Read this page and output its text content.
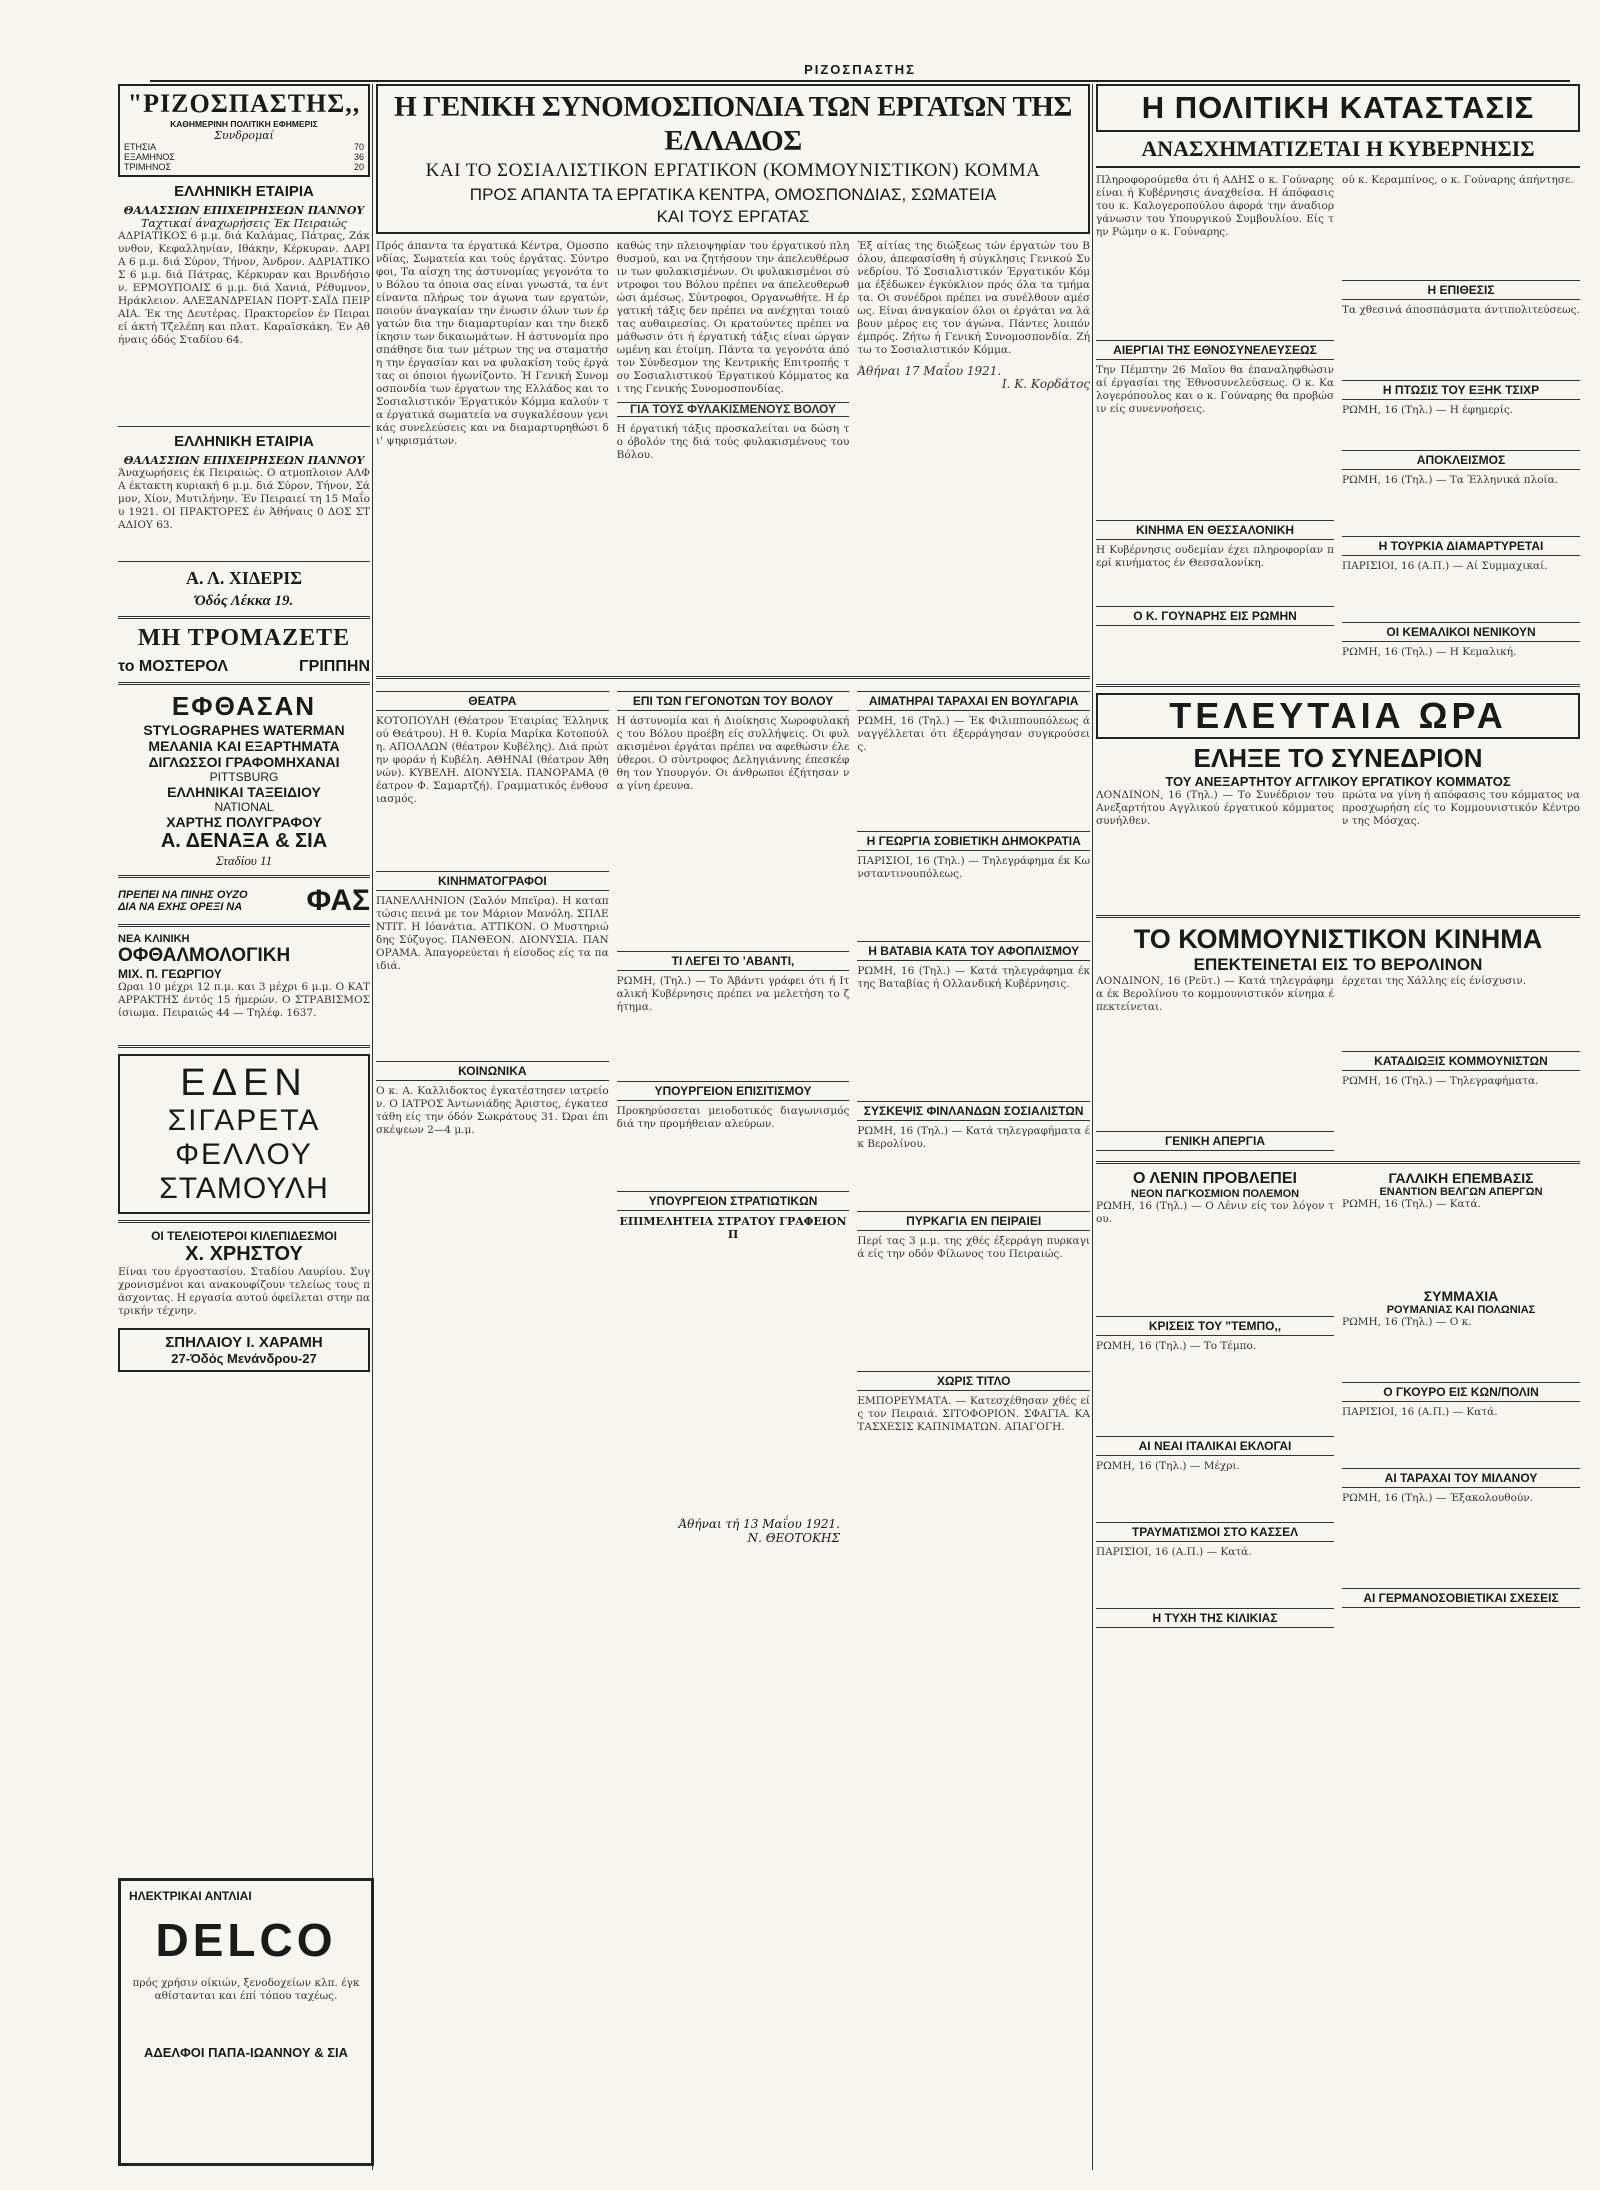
ΡΙΖΟΣΠΑΣΤΗΣ
"ΡΙΖΟΣΠΑΣΤΗΣ,,
ΚΑΘΗΜΕΡΙΝΗ ΠΟΛΙΤΙΚΗ ΕΦΗΜΕΡΙΣ
Συνδρομαί
ΕΤΗΣΙΑ	70
ΕΞΑΜΗΝΟΣ	36
ΤΡΙΜΗΝΟΣ	20
ΕΛΛΗΝΙΚΗ ΕΤΑΙΡΙΑ
ΘΑΛΑΣΣΙΩΝ ΕΠΙΧΕΙΡΗΣΕΩΝ ΠΑΝΝΟΥ
Ταχτικαί άναχωρήσεις Έκ Πειραιώς
ΑΔΡΙΑΤΙΚΟΣ 6 μ.μ. διά Καλάμας, Πάτρας, Ζάκυνθον, Κεφαλληνίαν, Ιθάκην, Κέρκυραν. ΔΑΡΙΑ 6 μ.μ. διά Σύρον, Τήνον, Άνδρον. ΑΔΡΙΑΤΙΚΟΣ 6 μ.μ. διά Πάτρας, Κέρκυραν και Βρινδήσιον. ΕΡΜΟΥΠΟΛΙΣ 6 μ.μ. διά Χανιά, Ρέθυμνον, Ηράκλειον. ΑΛΕΞΑΝΔΡΕΙΑΝ ΠΟΡΤ-ΣΑΪΔ ΠΕΙΡΑΙΑ. Έκ της Δευτέρας. Πρακτορείον έν Πειραιεί άκτή Τζελέπη και πλατ. Καραϊσκάκη. Έν Αθήναις όδός Σταδίου 64.
ΕΛΛΗΝΙΚΗ ΕΤΑΙΡΙΑ
ΘΑΛΑΣΣΙΩΝ ΕΠΙΧΕΙΡΗΣΕΩΝ ΠΑΝΝΟΥ
Άναχωρήσεις έκ Πειραιώς. Ο ατμοπλοιον ΑΛΦΑ έκτακτη κυριακή 6 μ.μ. διά Σύρον, Τήνον, Σάμον, Χίον, Μυτιλήνην. Έν Πειραιεί τη 15 Μαΐου 1921. ΟΙ ΠΡΑΚΤΟΡΕΣ έν Άθήναις 0 ΔΟΣ ΣΤΑΔΙΟΥ 63.
Α. Λ. ΧΙΔΕΡΙΣ
Όδός Λέκκα 19.
ΜΗ ΤΡΟΜΑΖΕΤΕ
το ΜΟΣΤΕΡΟΛ	ΓΡΙΠΠΗΝ
ΕΦΘΑΣΑΝ
STYLOGRAPHES WATERMAN
ΜΕΛΑΝΙΑ ΚΑΙ ΕΞΑΡΤΗΜΑΤΑ
ΔΙΓΛΩΣΣΟΙ ΓΡΑΦΟΜΗΧΑΝΑΙ
PITTSBURG
ΕΛΛΗΝΙΚΑΙ ΤΑΞΕΙΔΙΟΥ
NATIONAL
ΧΑΡΤΗΣ ΠΟΛΥΓΡΑΦΟΥ
Α. ΔΕΝΑΞΑ & ΣΙΑ
Σταδίου 11
ΠΡΕΠΕΙ ΝΑ ΠΙΝΗΣ ΟΥΖΟ
ΔΙΑ ΝΑ ΕΧΗΣ ΟΡΕΞΙ ΝΑ	ΦΑΣ
ΝΕΑ ΚΛΙΝΙΚΗ
ΟΦΘΑΛΜΟΛΟΓΙΚΗ
ΜΙΧ. Π. ΓΕΩΡΓΙΟΥ
Ωραι 10 μέχρι 12 π.μ. και 3 μέχρι 6 μ.μ. Ο ΚΑΤΑΡΡΑΚΤΗΣ έντός 15 ήμερών. Ο ΣΤΡΑΒΙΣΜΟΣ ίσιωμα. Πειραιώς 44 — Τηλέφ. 1637.
ΕΔΕΝ
ΣΙΓΑΡΕΤΑ
ΦΕΛΛΟΥ
ΣΤΑΜΟΥΛΗ
ΟΙ ΤΕΛΕΙΟΤΕΡΟΙ ΚΙΛΕΠΙΔΕΣΜΟΙ
Χ. ΧΡΗΣΤΟΥ
Είναι του έργοστασίου. Σταδίου Λαυρίου. Συγχρονισμένοι και ανακουφίζουν τελείως τους πάσχοντας. Η εργασία αυτού όφείλεται στην πατρικήν τέχνην.
ΣΠΗΛΑΙΟΥ Ι. ΧΑΡΑΜΗ
27-Όδός Μενάνδρου-27
ΗΛΕΚΤΡΙΚΑΙ ΑΝΤΛΙΑΙ
DELCO
πρός χρήσιν οίκιών, ξενοδοχείων κλπ. έγκαθίστανται και έπί τόπου ταχέως.
ΑΔΕΛΦΟΙ ΠΑΠΑ-ΙΩΑΝΝΟΥ & ΣΙΑ
Η ΓΕΝΙΚΗ ΣΥΝΟΜΟΣΠΟΝΔΙΑ ΤΩΝ ΕΡΓΑΤΩΝ ΤΗΣ ΕΛΛΑΔΟΣ
ΚΑΙ ΤΟ ΣΟΣΙΑΛΙΣΤΙΚΟΝ ΕΡΓΑΤΙΚΟΝ (ΚΟΜΜΟΥΝΙΣΤΙΚΟΝ) ΚΟΜΜΑ
ΠΡΟΣ ΑΠΑΝΤΑ ΤΑ ΕΡΓΑΤΙΚΑ ΚΕΝΤΡΑ, ΟΜΟΣΠΟΝΔΙΑΣ, ΣΩΜΑΤΕΙΑ
ΚΑΙ ΤΟΥΣ ΕΡΓΑΤΑΣ
Πρός άπαντα τα έργατικά Κέντρα, Ομοσπονδίας, Σωματεία και τούς έργάτας. Σύντροφοι, Τα αίσχη της άστυνομίας γεγονότα του Βόλου τα όποια σας είναι γνωστά, τα έντείναντα πλήρως τον άγωνα των εργατών, ποιούν άναγκαίαν την ένωσιν όλων των έργατών δια την διαμαρτυρίαν και την διεκδίκησιν των δικαιωμάτων. Η άστυνομία προσπάθησε δια των μέτρων της να σταματήση την έργασίαν και να φυλακίση τούς έργάτας οι όποιοι ήγωνίζοντο. Ή Γενική Συνομοσπονδία των έργατων της Ελλάδος και το Σοσιαλιστικόν Έργατικόν Κόμμα καλούν τα έργατικά σωματεία να συγκαλέσουν γενικάς συνελεύσεις και να διαμαρτυρηθώσι δι' ψηφισμάτων.
καθώς την πλειοψηφίαν του έργατικού πληθυσμού, και να ζητήσουν την άπελευθέρωσιν των φυλακισμένων. Οι φυλακισμένοι σύντροφοι του Βόλου πρέπει να άπελευθερωθώσι άμέσως. Σύντροφοι, Οργανωθήτε. Η έργατική τάξις δεν πρέπει να ανέχηται τοιαύτας αυθαιρεσίας. Οι κρατούντες πρέπει να μάθωσιν ότι ή έργατική τάξις είναι ώργανωμένη και έτοίμη. Πάντα τα γεγονότα άπό τον Σύνδεσμον της Κεντρικής Επιτροπής του Σοσιαλιστικού Έργατικού Κόμματος και της Γενικής Συνομοσπονδίας.
ΓΙΑ ΤΟΥΣ ΦΥΛΑΚΙΣΜΕΝΟΥΣ ΒΟΛΟΥ
Η έργατική τάξις προσκαλείται να δώση το όβολόν της διά τούς φυλακισμένους του Βόλου.
Έξ αίτίας της διώξεως τών έργατών του Βόλου, άπεφασίσθη ή σύγκλησις Γενικού Συνεδρίου. Τό Σοσιαλιστικόν Έργατικόν Κόμμα έξέδωκεν έγκύκλιον πρός όλα τα τμήματα. Οι συνέδροι πρέπει να συνέλθουν αμέσως. Είναι άναγκαίον όλοι οι έργάται να λάβουν μέρος εις τον άγώνα. Πάντες λοιπόν έμπρός. Ζήτω ή Γενική Συνομοσπονδία. Ζήτω το Σοσιαλιστικόν Κόμμα.
Άθήναι 17 Μαΐου 1921.
Ι. Κ. Κορδάτος
ΘΕΑΤΡΑ
ΚΟΤΟΠΟΥΛΗ (Θέατρον Έταιρίας Έλληνικού Θεάτρου). Η θ. Κυρία Μαρίκα Κοτοπούλη. ΑΠΟΛΛΩΝ (θέατρον Κυβέλης). Διά πρώτην φοράν ή Κυβέλη. ΑΘΗΝΑΙ (θέατρον Άθηνών). ΚΥΒΕΛΗ. ΔΙΟΝΥΣΙΑ. ΠΑΝΟΡΑΜΑ (θέατρον Φ. Σαμαρτζή). Γραμματικός ένθουσιασμός.
ΚΙΝΗΜΑΤΟΓΡΑΦΟΙ
ΠΑΝΕΛΛΗΝΙΟΝ (Σαλόν Μπεϊρα). Η καταπτώσις πεινά με τον Μάριον Μανόλη. ΣΠΛΕΝΤΙΤ. Η Ιόανάτια. ΑΤΤΙΚΟΝ. Ο Μυστηριώδης Σύζυγος. ΠΑΝΘΕΟΝ. ΔΙΟΝΥΣΙΑ. ΠΑΝΟΡΑΜΑ. Άπαγορεύεται ή είσοδος είς τα παιδιά.
ΚΟΙΝΩΝΙΚΑ
Ο κ. Α. Καλλιδοκτος έγκατέστησεν ιατρείον. Ο ΙΑΤΡΟΣ Άντωνιάδης Άριστος, έγκατεστάθη είς την όδόν Σωκράτους 31. Ώραι έπισκέψεων 2—4 μ.μ.
ΕΠΙ ΤΩΝ ΓΕΓΟΝΟΤΩΝ ΤΟΥ ΒΟΛΟΥ
Η άστυνομία και ή Διοίκησις Χωροφυλακής του Βόλου προέβη είς συλλήψεις. Οι φυλακισμένοι έργάται πρέπει να αφεθώσιν έλεύθεροι. Ο σύντροφος Δεληγιάννης έπεσκέφθη τον Υπουργόν. Οι άνθρωποι έζήτησαν να γίνη έρευνα.
ΤΙ ΛΕΓΕΙ ΤΟ 'ΑΒΑΝΤΙ,
ΡΩΜΗ, (Τηλ.) — Το Άβάντι γράφει ότι ή Ιταλική Κυβέρνησις πρέπει να μελετήση το ζήτημα.
ΥΠΟΥΡΓΕΙΟΝ ΕΠΙΣΙΤΙΣΜΟΥ
Προκηρύσσεται μειοδοτικός διαγωνισμός διά την προμήθειαν αλεύρων.
ΥΠΟΥΡΓΕΙΟΝ ΣΤΡΑΤΙΩΤΙΚΩΝ
ΕΠΙΜΕΛΗΤΕΙΑ ΣΤΡΑΤΟΥ ΓΡΑΦΕΙΟΝ Π
ΑΙΜΑΤΗΡΑΙ ΤΑΡΑΧΑΙ ΕΝ ΒΟΥΛΓΑΡΙΑ
ΡΩΜΗ, 16 (Τηλ.) — Έκ Φιλιππουπόλεως άναγγέλλεται ότι έξερράγησαν συγκρούσεις.
Η ΓΕΩΡΓΙΑ ΣΟΒΙΕΤΙΚΗ ΔΗΜΟΚΡΑΤΙΑ
ΠΑΡΙΣΙΟΙ, 16 (Τηλ.) — Τηλεγράφημα έκ Κωνσταντινουπόλεως.
Η ΒΑΤΑΒΙΑ ΚΑΤΑ ΤΟΥ ΑΦΟΠΛΙΣΜΟΥ
ΡΩΜΗ, 16 (Τηλ.) — Κατά τηλεγράφημα έκ της Βαταβίας ή Ολλανδική Κυβέρνησις.
ΣΥΣΚΕΨΙΣ ΦΙΝΛΑΝΔΩΝ ΣΟΣΙΑΛΙΣΤΩΝ
ΡΩΜΗ, 16 (Τηλ.) — Κατά τηλεγραφήματα έκ Βερολίνου.
ΠΥΡΚΑΓΙΑ ΕΝ ΠΕΙΡΑΙΕΙ
Περί τας 3 μ.μ. της χθές έξερράγη πυρκαγιά είς την οδόν Φίλωνος του Πειραιώς.
ΧΩΡΙΣ ΤΙΤΛΟ
ΕΜΠΟΡΕΥΜΑΤΑ. — Κατεσχέθησαν χθές είς τον Πειραιά. ΣΙΤΟΦΟΡΙΟΝ. ΣΦΑΓΙΑ. ΚΑΤΑΣΧΕΣΙΣ ΚΑΠΝΙΜΑΤΩΝ. ΑΠΑΓΟΓΗ.
Άθήναι τή 13 Μαΐου 1921.
Ν. ΘΕΟΤΟΚΗΣ
Η ΠΟΛΙΤΙΚΗ ΚΑΤΑΣΤΑΣΙΣ
ΑΝΑΣΧΗΜΑΤΙΖΕΤΑΙ Η ΚΥΒΕΡΝΗΣΙΣ
Πληροφορούμεθα ότι ή ΑΔΗΣ ο κ. Γούναρης είναι ή Κυβέρνησις άναχθείσα. Η άπόφασις του κ. Καλογεροπούλου άφορά την άναδιοργάνωσιν του Υπουργικού Συμβουλίου. Είς την Ρώμην ο κ. Γούναρης.
ΑΙΕΡΓΙΑΙ ΤΗΣ ΕΘΝΟΣΥΝΕΛΕΥΣΕΩΣ
Την Πέμπτην 26 Μαΐου θα έπαναληφθώσιν αί έργασίαι της Έθνοσυνελεύσεως. Ο κ. Καλογερόπουλος και ο κ. Γούναρης θα προβώσιν είς συνεννοήσεις.
ΚΙΝΗΜΑ ΕΝ ΘΕΣΣΑΛΟΝΙΚΗ
Η Κυβέρνησις ουδεμίαν έχει πληροφορίαν περί κινήματος έν Θεσσαλονίκη.
Ο Κ. ΓΟΥΝΑΡΗΣ ΕΙΣ ΡΩΜΗΝ
ού κ. Κεραμπίνος, ο κ. Γούναρης άπήντησε.
Η ΕΠΙΘΕΣΙΣ
Τα χθεσινά άποσπάσματα άντιπολιτεύσεως.
Η ΠΤΩΣΙΣ ΤΟΥ ΕΞΗΚ ΤΣΙΧΡ
ΡΩΜΗ, 16 (Τηλ.) — Η έφημερίς.
ΑΠΟΚΛΕΙΣΜΟΣ
ΡΩΜΗ, 16 (Τηλ.) — Τα Έλληνικά πλοία.
Η ΤΟΥΡΚΙΑ ΔΙΑΜΑΡΤΥΡΕΤΑΙ
ΠΑΡΙΣΙΟΙ, 16 (Α.Π.) — Αί Συμμαχικαί.
ΟΙ ΚΕΜΑΛΙΚΟΙ ΝΕΝΙΚΟΥΝ
ΡΩΜΗ, 16 (Τηλ.) — Η Κεμαλική.
ΤΕΛΕΥΤΑΙΑ ΩΡΑ
ΕΛΗΞΕ ΤΟ ΣΥΝΕΔΡΙΟΝ
ΤΟΥ ΑΝΕΞΑΡΤΗΤΟΥ ΑΓΓΛΙΚΟΥ ΕΡΓΑΤΙΚΟΥ ΚΟΜΜΑΤΟΣ
ΛΟΝΔΙΝΟΝ, 16 (Τηλ.) — Το Συνέδριον του Ανεξαρτήτου Αγγλικού έργατικού κόμματος συνήλθεν.
πρώτα να γίνη ή απόφασις του κόμματος να προσχωρήση είς το Κομμουνιστικόν Κέντρον της Μόσχας.
ΤΟ ΚΟΜΜΟΥΝΙΣΤΙΚΟΝ ΚΙΝΗΜΑ
ΕΠΕΚΤΕΙΝΕΤΑΙ ΕΙΣ ΤΟ ΒΕΡΟΛΙΝΟΝ
ΛΟΝΔΙΝΟΝ, 16 (Ρεϋτ.) — Κατά τηλεγράφημα έκ Βερολίνου το κομμουνιστικόν κίνημα έπεκτείνεται.
ΓΕΝΙΚΗ ΑΠΕΡΓΙΑ
έρχεται της Χάλλης είς ένίσχυσιν.
ΚΑΤΑΔΙΩΞΙΣ ΚΟΜΜΟΥΝΙΣΤΩΝ
ΡΩΜΗ, 16 (Τηλ.) — Τηλεγραφήματα.
Ο ΛΕΝΙΝ ΠΡΟΒΛΕΠΕΙ
ΝΕΟΝ ΠΑΓΚΟΣΜΙΟΝ ΠΟΛΕΜΟΝ
ΡΩΜΗ, 16 (Τηλ.) — Ο Λένιν είς τον λόγον του.
ΚΡΙΣΕΙΣ ΤΟΥ "ΤΕΜΠΟ,,
ΡΩΜΗ, 16 (Τηλ.) — Το Τέμπο.
ΑΙ ΝΕΑΙ ΙΤΑΛΙΚΑΙ ΕΚΛΟΓΑΙ
ΡΩΜΗ, 16 (Τηλ.) — Μέχρι.
ΤΡΑΥΜΑΤΙΣΜΟΙ ΣΤΟ ΚΑΣΣΕΛ
ΠΑΡΙΣΙΟΙ, 16 (Α.Π.) — Κατά.
Η ΤΥΧΗ ΤΗΣ ΚΙΛΙΚΙΑΣ
ΓΑΛΛΙΚΗ ΕΠΕΜΒΑΣΙΣ
ΕΝΑΝΤΙΟΝ ΒΕΛΓΩΝ ΑΠΕΡΓΩΝ
ΡΩΜΗ, 16 (Τηλ.) — Κατά.
ΣΥΜΜΑΧΙΑ
ΡΟΥΜΑΝΙΑΣ ΚΑΙ ΠΟΛΩΝΙΑΣ
ΡΩΜΗ, 16 (Τηλ.) — Ο κ.
Ο ΓΚΟΥΡΟ ΕΙΣ ΚΩΝ/ΠΟΛΙΝ
ΠΑΡΙΣΙΟΙ, 16 (Α.Π.) — Κατά.
ΑΙ ΤΑΡΑΧΑΙ ΤΟΥ ΜΙΛΑΝΟΥ
ΡΩΜΗ, 16 (Τηλ.) — Έξακολουθούν.
ΑΙ ΓΕΡΜΑΝΟΣΟΒΙΕΤΙΚΑΙ ΣΧΕΣΕΙΣ
